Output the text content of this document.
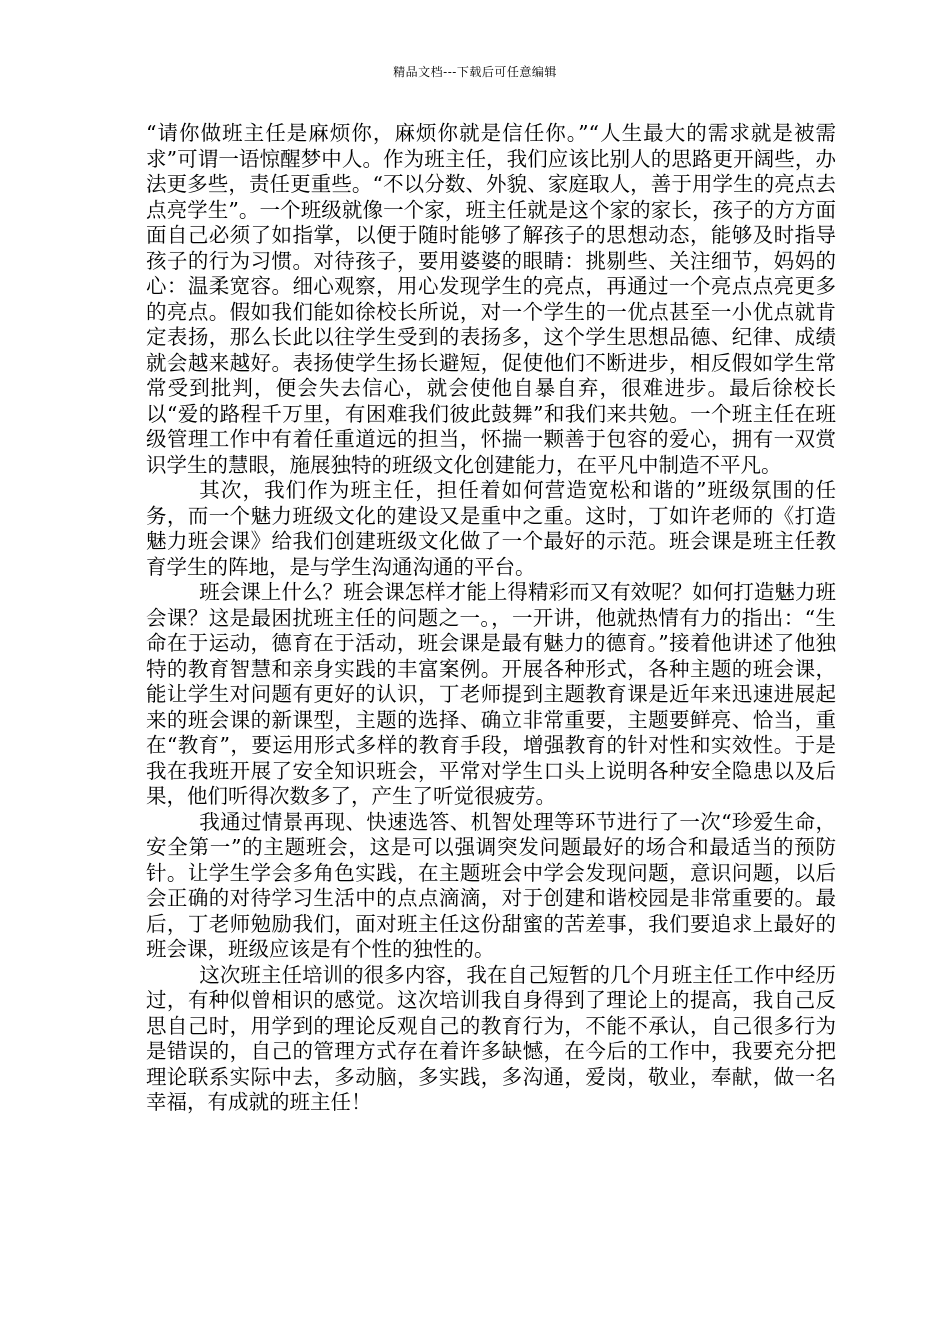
精品文档---下载后可任意编辑

“请你做班主任是麻烦你，麻烦你就是信任你。”“人生最大的需求就是被需求”可谓一语惊醒梦中人。作为班主任，我们应该比别人的思路更开阔些，办法更多些，责任更重些。“不以分数、外貌、家庭取人，善于用学生的亮点去点亮学生”。一个班级就像一个家，班主任就是这个家的家长，孩子的方方面面自己必须了如指掌，以便于随时能够了解孩子的思想动态，能够及时指导孩子的行为习惯。对待孩子，要用婆婆的眼睛：挑剔些、关注细节，妈妈的心：温柔宽容。细心观察，用心发现学生的亮点，再通过一个亮点点亮更多的亮点。假如我们能如徐校长所说，对一个学生的一优点甚至一小优点就肯定表扬，那么长此以往学生受到的表扬多，这个学生思想品德、纪律、成绩就会越来越好。表扬使学生扬长避短，促使他们不断进步，相反假如学生常常受到批判，便会失去信心，就会使他自暴自弃，很难进步。最后徐校长以“爱的路程千万里，有困难我们彼此鼓舞”和我们来共勉。一个班主任在班级管理工作中有着任重道远的担当，怀揣一颗善于包容的爱心，拥有一双赏识学生的慧眼，施展独特的班级文化创建能力，在平凡中制造不平凡。

其次，我们作为班主任，担任着如何营造宽松和谐的”班级氛围的任务，而一个魅力班级文化的建设又是重中之重。这时，丁如许老师的《打造魅力班会课》给我们创建班级文化做了一个最好的示范。班会课是班主任教育学生的阵地，是与学生沟通沟通的平台。

班会课上什么？班会课怎样才能上得精彩而又有效呢？如何打造魅力班会课？这是最困扰班主任的问题之一。，一开讲，他就热情有力的指出：“生命在于运动，德育在于活动，班会课是最有魅力的德育。”接着他讲述了他独特的教育智慧和亲身实践的丰富案例。开展各种形式，各种主题的班会课，能让学生对问题有更好的认识，丁老师提到主题教育课是近年来迅速进展起来的班会课的新课型，主题的选择、确立非常重要，主题要鲜亮、恰当，重在“教育”，要运用形式多样的教育手段，增强教育的针对性和实效性。于是我在我班开展了安全知识班会，平常对学生口头上说明各种安全隐患以及后果，他们听得次数多了，产生了听觉很疲劳。

我通过情景再现、快速选答、机智处理等环节进行了一次“珍爱生命，安全第一”的主题班会，这是可以强调突发问题最好的场合和最适当的预防针。让学生学会多角色实践，在主题班会中学会发现问题，意识问题，以后会正确的对待学习生活中的点点滴滴，对于创建和谐校园是非常重要的。最后，丁老师勉励我们，面对班主任这份甜蜜的苦差事，我们要追求上最好的班会课，班级应该是有个性的独性的。

这次班主任培训的很多内容，我在自己短暂的几个月班主任工作中经历过，有种似曾相识的感觉。这次培训我自身得到了理论上的提高，我自己反思自己时，用学到的理论反观自己的教育行为，不能不承认，自己很多行为是错误的，自己的管理方式存在着许多缺憾，在今后的工作中，我要充分把理论联系实际中去，多动脑，多实践，多沟通，爱岗，敬业，奉献，做一名幸福，有成就的班主任！
